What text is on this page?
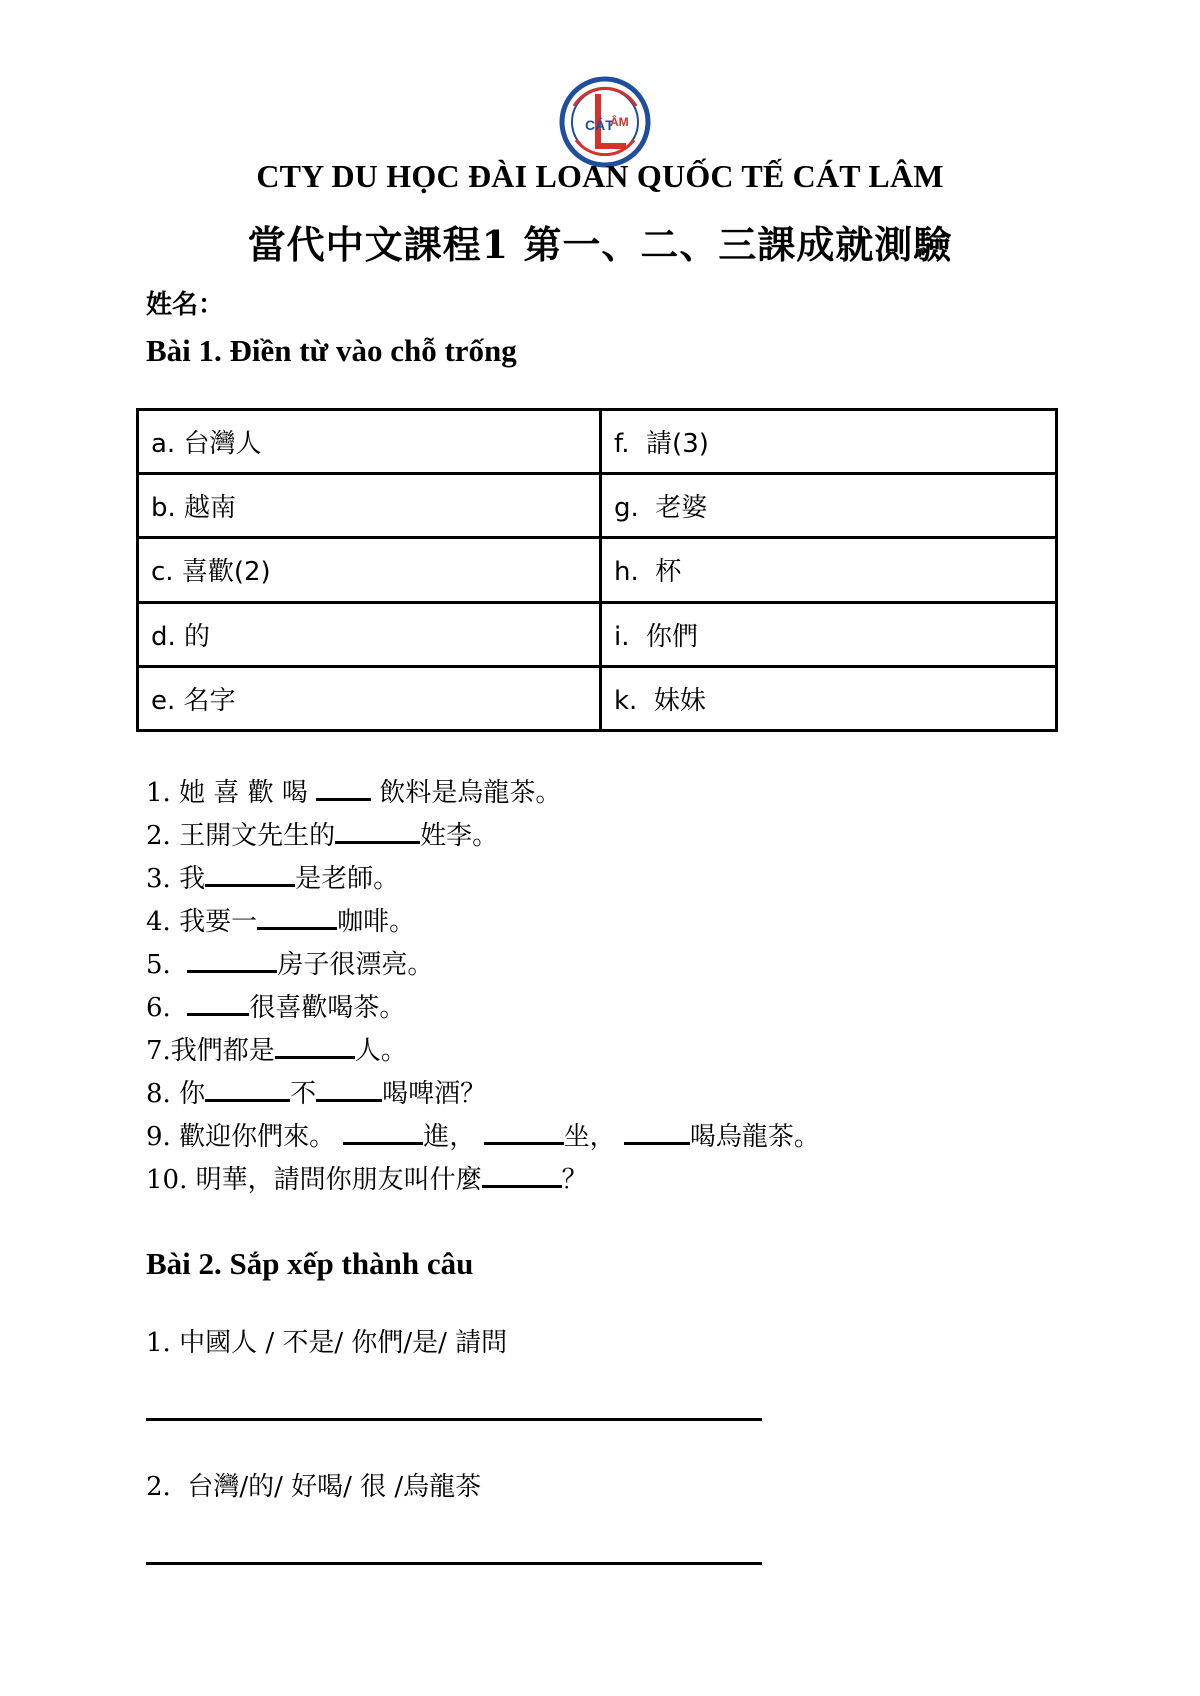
CÁT
ÂM
CTY DU HỌC ĐÀI LOAN QUỐC TẾ CÁT LÂM
當代中文課程1 第一、二、三課成就測驗
姓名：
Bài 1. Điền từ vào chỗ trống
a. 台灣人	f.  請(3)
b. 越南	g.  老婆
c. 喜歡(2)	h.  杯
d. 的	i.  你們
e. 名字	k.  妹妹
1. 她 喜 歡 喝  飲料是烏龍茶。
2. 王開文先生的	姓李。
3. 我	是老師。
4. 我要一	咖啡。
5.	房子很漂亮。
6.  很喜歡喝茶。
7.我們都是	人。
8. 你	不	喝啤酒？
9. 歡迎你們來。	進，	坐，	喝烏龍茶。
10. 明華，請問你朋友叫什麼	？
Bài 2. Sắp xếp thành câu
1. 中國人 / 不是/ 你們/是/ 請問
2.  台灣/的/ 好喝/ 很 /烏龍茶
